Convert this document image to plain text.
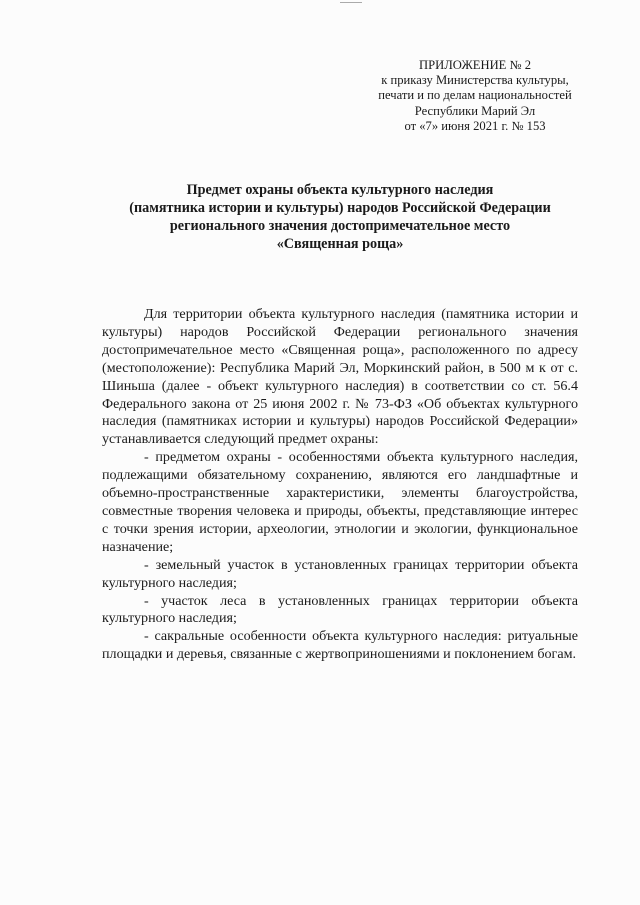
ПРИЛОЖЕНИЕ № 2
к приказу Министерства культуры,
печати и по делам национальностей
Республики Марий Эл
от «7» июня 2021 г. № 153
Предмет охраны объекта культурного наследия
(памятника истории и культуры) народов Российской Федерации
регионального значения достопримечательное место
«Священная роща»

Для территории объекта культурного наследия (памятника истории и культуры) народов Российской Федерации регионального значения достопримечательное место «Священная роща», расположенного по адресу (местоположение): Республика Марий Эл, Моркинский район, в 500 м к от с. Шиньша (далее - объект культурного наследия) в соответствии со ст. 56.4 Федерального закона от 25 июня 2002 г. № 73-ФЗ «Об объектах культурного наследия (памятниках истории и культуры) народов Российской Федерации» устанавливается следующий предмет охраны:

- предметом охраны - особенностями объекта культурного наследия, подлежащими обязательному сохранению, являются его ландшафтные и объемно-пространственные характеристики, элементы благоустройства, совместные творения человека и природы, объекты, представляющие интерес с точки зрения истории, археологии, этнологии и экологии, функциональное назначение;

- земельный участок в установленных границах территории объекта культурного наследия;

- участок леса в установленных границах территории объекта культурного наследия;

- сакральные особенности объекта культурного наследия: ритуальные площадки и деревья, связанные с жертвоприношениями и поклонением богам.
